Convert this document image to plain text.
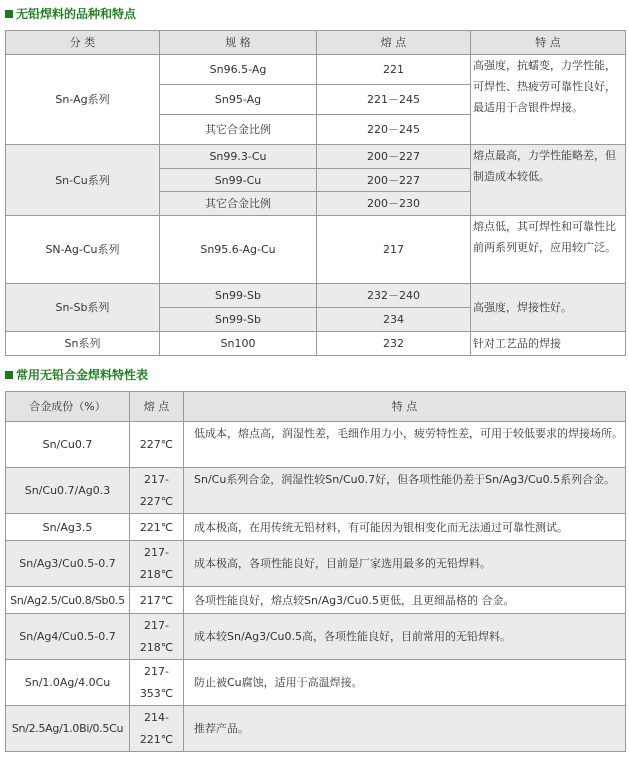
无铅焊料的品种和特点
分 类	规 格	熔 点	特 点
Sn-Ag系列	Sn96.5-Ag	221	高强度，抗蠕变，力学性能，可焊性、热疲劳可靠性良好，最适用于含银件焊接。
	Sn95-Ag	221－245	
	其它合金比例	220－245	
Sn-Cu系列	Sn99.3-Cu	200－227	熔点最高，力学性能略差，但制造成本较低。
	Sn99-Cu	200－227	
	其它合金比例	200－230	
SN-Ag-Cu系列	Sn95.6-Ag-Cu	217	熔点低，其可焊性和可靠性比前两系列更好，应用较广泛。
Sn-Sb系列	Sn99-Sb	232－240	高强度，焊接性好。
	Sn99-Sb	234	
Sn系列	Sn100	232	针对工艺品的焊接
常用无铅合金焊料特性表
合金成份（%）	熔 点	特 点
Sn/Cu0.7	227℃	低成本，熔点高，润湿性差，毛细作用力小，疲劳特性差，可用于较低要求的焊接场所。
Sn/Cu0.7/Ag0.3	217-227℃	Sn/Cu系列合金，润湿性较Sn/Cu0.7好，但各项性能仍差于Sn/Ag3/Cu0.5系列合金。
Sn/Ag3.5	221℃	成本极高，在用传统无铅材料，有可能因为银相变化而无法通过可靠性测试。
Sn/Ag3/Cu0.5-0.7	217-218℃	成本极高，各项性能良好，目前是厂家选用最多的无铅焊料。
Sn/Ag2.5/Cu0.8/Sb0.5	217℃	各项性能良好，熔点较Sn/Ag3/Cu0.5更低，且更细晶格的 合金。
Sn/Ag4/Cu0.5-0.7	217-218℃	成本较Sn/Ag3/Cu0.5高，各项性能良好，目前常用的无铅焊料。
Sn/1.0Ag/4.0Cu	217-353℃	防止被Cu腐蚀，适用于高温焊接。
Sn/2.5Ag/1.0Bi/0.5Cu	214-221℃	推荐产品。
